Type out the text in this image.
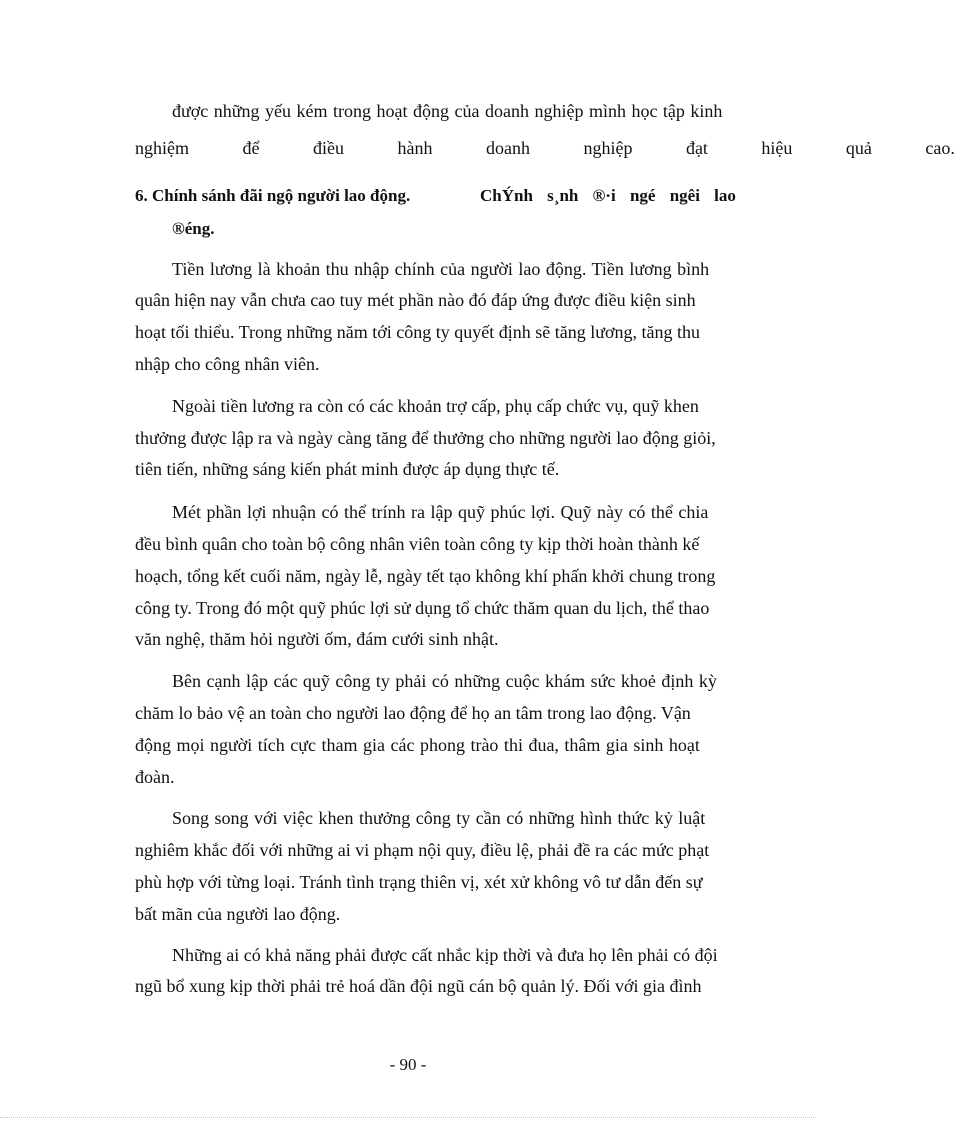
được những yếu kém trong hoạt động của doanh nghiệp mình học tập kinh
nghiệm để điều hành doanh nghiệp đạt hiệu quả cao.
6. Chính sánh đãi ngộ người lao động.	ChÝnh s¸nh ®·i ngé ngêi lao
®éng.
Tiền lương là khoản thu nhập chính của người lao động. Tiền lương bình
quân hiện nay vẫn chưa cao tuy mét phần nào đó đáp ứng được điều kiện sinh
hoạt tối thiểu. Trong những năm tới công ty quyết định sẽ tăng lương, tăng thu
nhập cho công nhân viên.
Ngoài tiền lương ra còn có các khoản trợ cấp, phụ cấp chức vụ, quỹ khen
thưởng được lập ra và ngày càng tăng để thưởng cho những người lao động giỏi,
tiên tiến, những sáng kiến phát minh được áp dụng thực tế.
Mét phần lợi nhuận có thể trính ra lập quỹ phúc lợi. Quỹ này có thể chia
đều bình quân cho toàn bộ công nhân viên toàn công ty kịp thời hoàn thành kế
hoạch, tổng kết cuối năm, ngày lễ, ngày tết tạo không khí phấn khởi chung trong
công ty. Trong đó một quỹ phúc lợi sử dụng tổ chức thăm quan du lịch, thể thao
văn nghệ, thăm hỏi người ốm, đám cưới sinh nhật.
Bên cạnh lập các quỹ công ty phải có những cuộc khám sức khoẻ định kỳ
chăm lo bảo vệ an toàn cho người lao động để họ an tâm trong lao động. Vận
động mọi người tích cực tham gia các phong trào thi đua, thâm gia sinh hoạt
đoàn.
Song song với việc khen thưởng công ty cần có những hình thức kỷ luật
nghiêm khắc đối với những ai vi phạm nội quy, điều lệ, phải đề ra các mức phạt
phù hợp với từng loại. Tránh tình trạng thiên vị, xét xử không vô tư dẫn đến sự
bất mãn của người lao động.
Những ai có khả năng phải được cất nhắc kịp thời và đưa họ lên phải có đội
ngũ bổ xung kịp thời phải trẻ hoá dần đội ngũ cán bộ quản lý. Đối với gia đình
- 90 -
